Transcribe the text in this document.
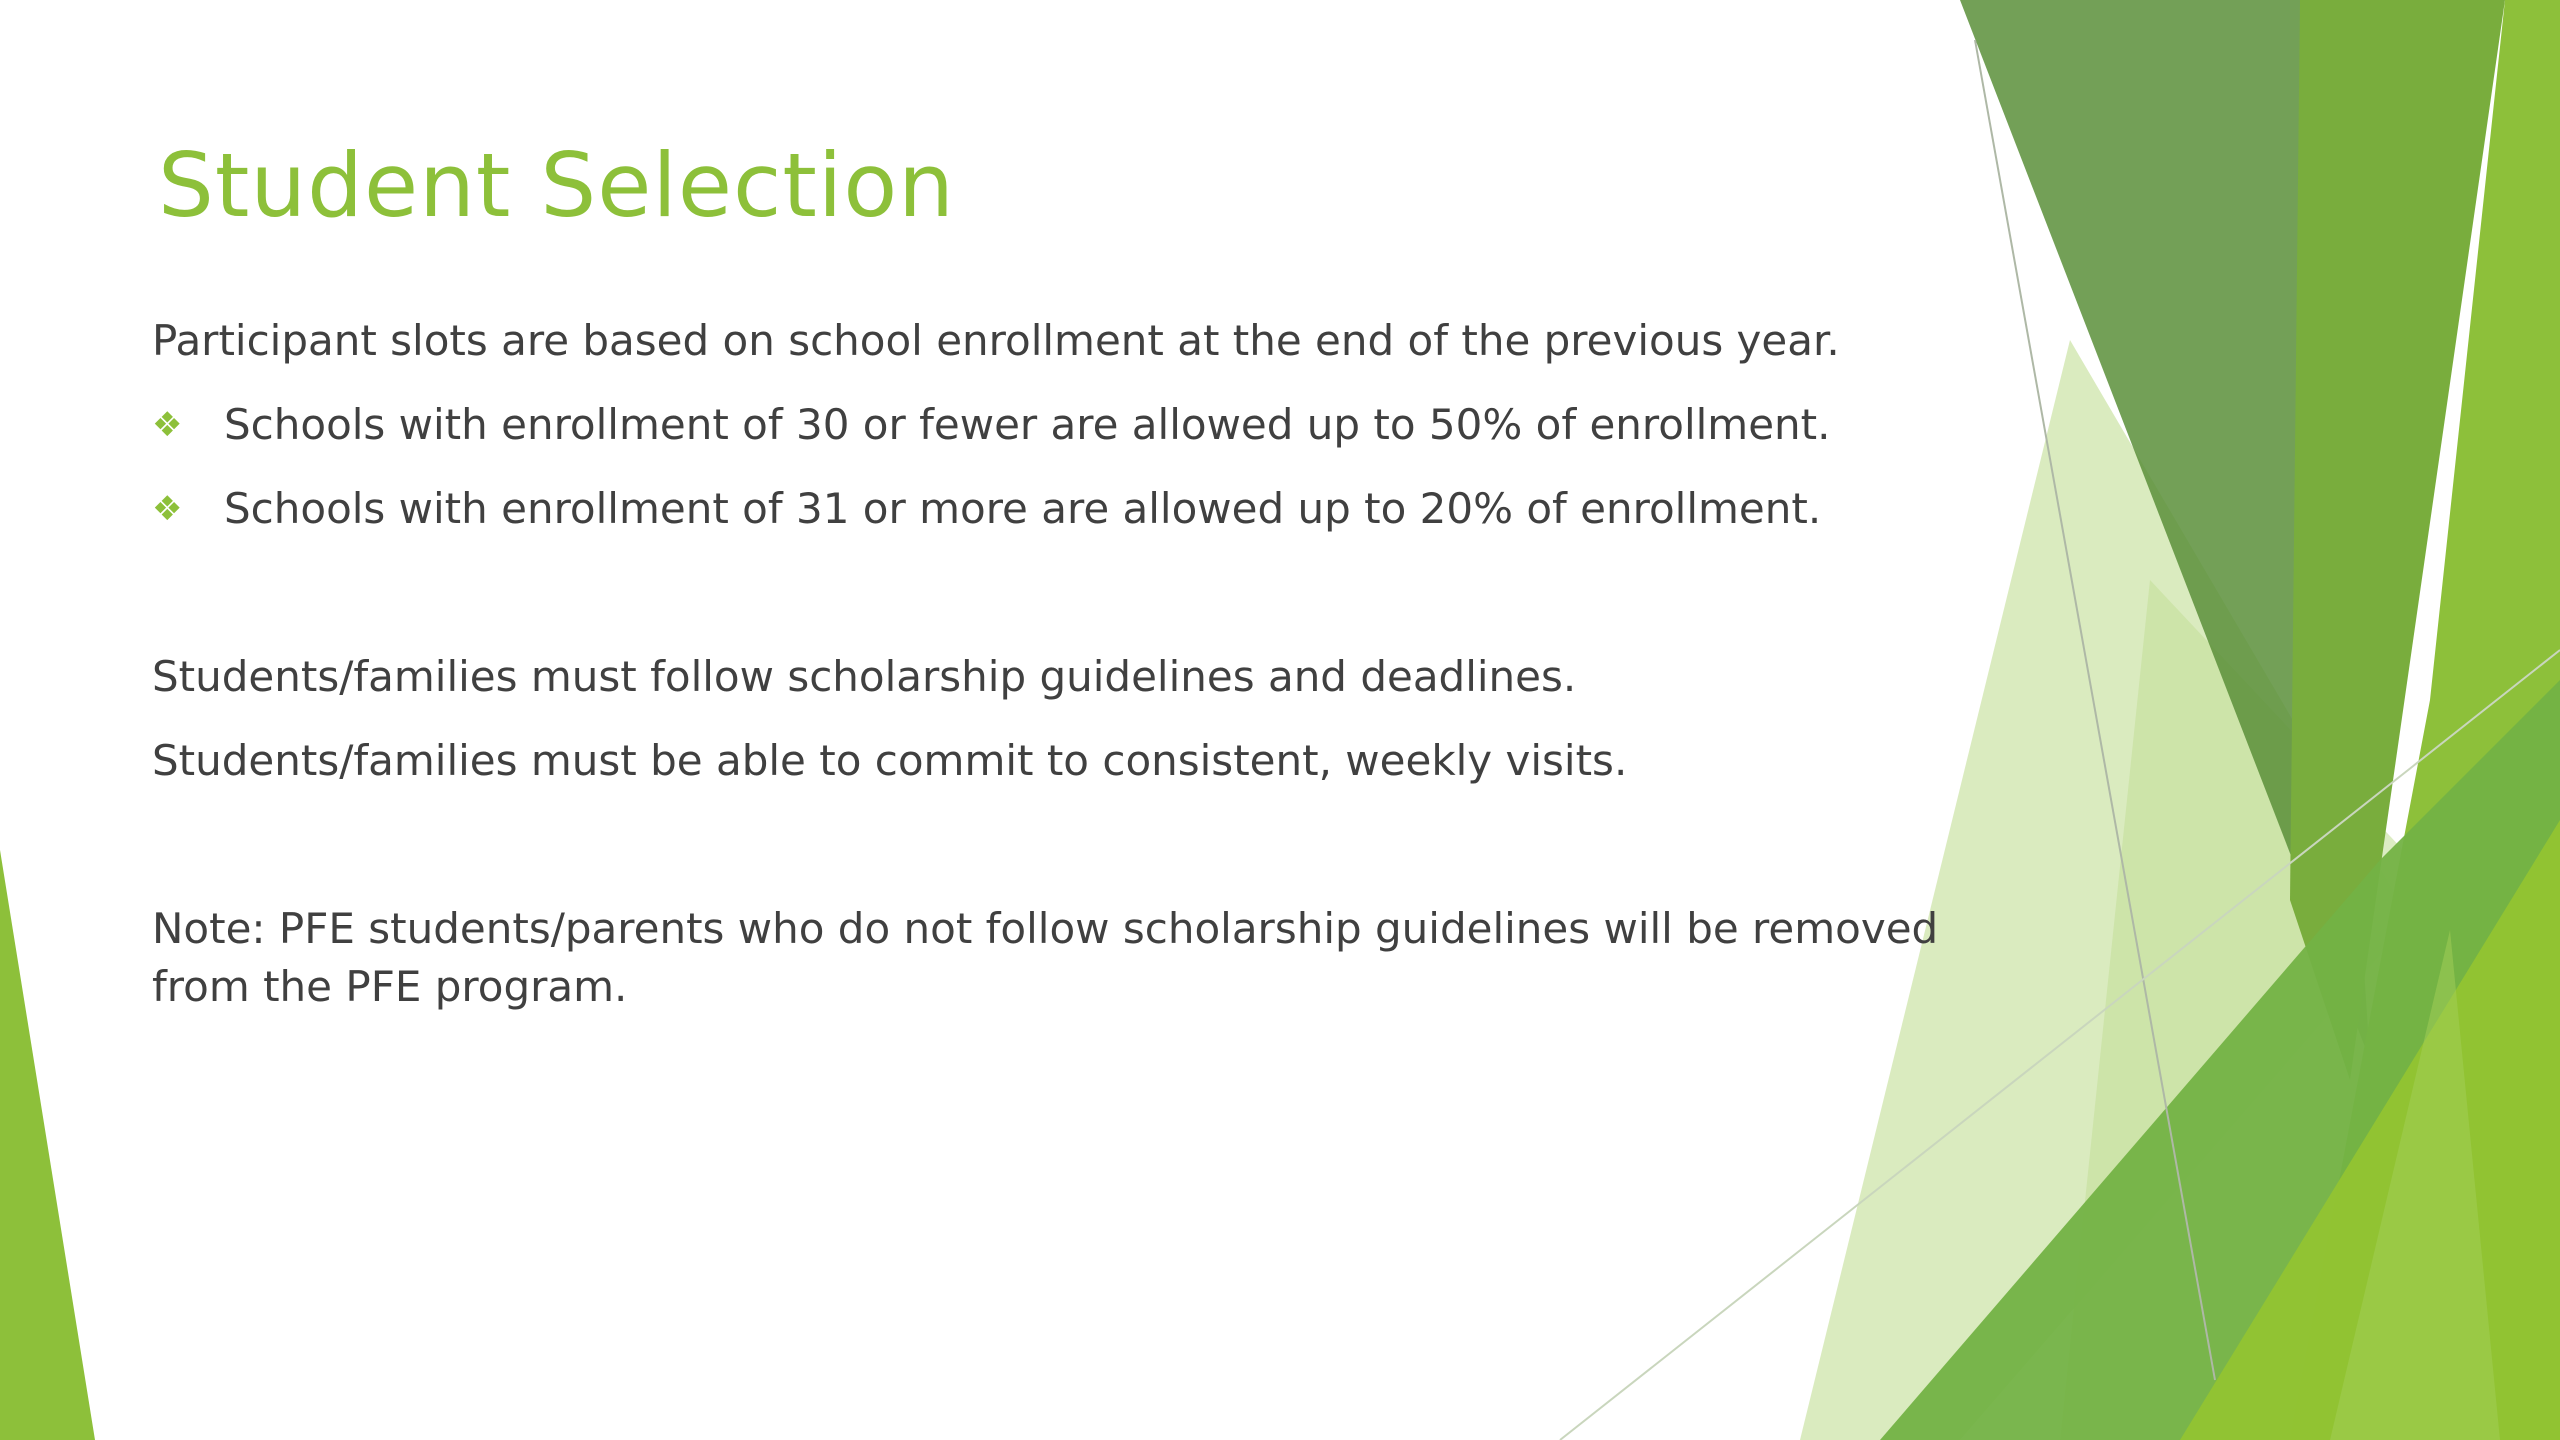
Student Selection

Participant slots are based on school enrollment at the end of the previous year.

❖ Schools with enrollment of 30 or fewer are allowed up to 50% of enrollment.
❖ Schools with enrollment of 31 or more are allowed up to 20% of enrollment.

Students/families must follow scholarship guidelines and deadlines.

Students/families must be able to commit to consistent, weekly visits.

Note: PFE students/parents who do not follow scholarship guidelines will be removed from the PFE program.
